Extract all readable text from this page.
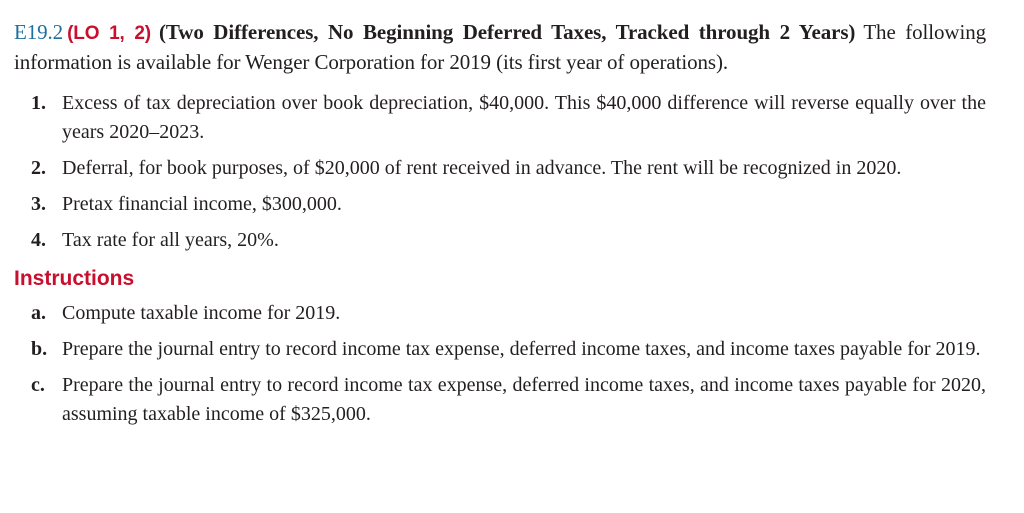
E19.2 (LO 1, 2) (Two Differences, No Beginning Deferred Taxes, Tracked through 2 Years) The following information is available for Wenger Corporation for 2019 (its first year of operations).
1. Excess of tax depreciation over book depreciation, $40,000. This $40,000 difference will reverse equally over the years 2020–2023.
2. Deferral, for book purposes, of $20,000 of rent received in advance. The rent will be recognized in 2020.
3. Pretax financial income, $300,000.
4. Tax rate for all years, 20%.
Instructions
a. Compute taxable income for 2019.
b. Prepare the journal entry to record income tax expense, deferred income taxes, and income taxes payable for 2019.
c. Prepare the journal entry to record income tax expense, deferred income taxes, and income taxes payable for 2020, assuming taxable income of $325,000.
